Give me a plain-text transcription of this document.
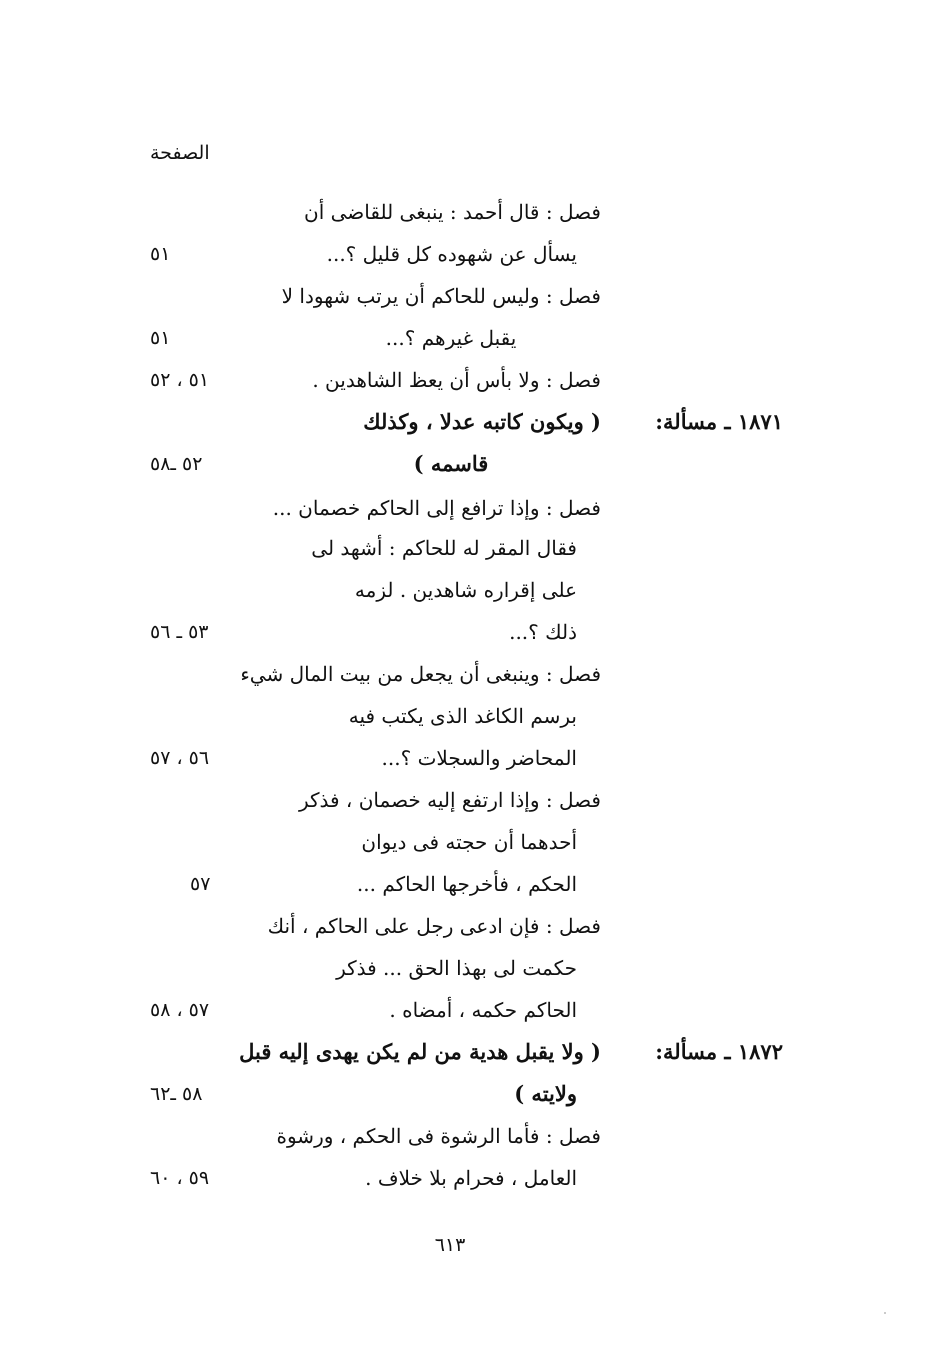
الصفحة
فصل : قال أحمد : ينبغى للقاضى أن
يسأل عن شهوده كل قليل ؟...
٥١
فصل : وليس للحاكم أن يرتب شهودا لا
يقبل غيرهم ؟...
٥١
فصل : ولا بأس أن يعظ الشاهدين .
٥١ ، ٥٢
١٨٧١ ـ مسألة:
( ويكون كاتبه عدلا ، وكذلك
قاسمه )
٥٢ ـ٥٨
فصل : وإذا ترافع إلى الحاكم خصمان ...
فقال المقر له للحاكم : أشهد لى
على إقراره شاهدين . لزمه
ذلك ؟...
٥٣ ـ ٥٦
فصل : وينبغى أن يجعل من بيت المال شيء
برسم الكاغد الذى يكتب فيه
المحاضر والسجلات ؟...
٥٦ ، ٥٧
فصل : وإذا ارتفع إليه خصمان ، فذكر
أحدهما أن حجته فى ديوان
الحكم ، فأخرجها الحاكم ...
٥٧
فصل : فإن ادعى رجل على الحاكم ، أنك
حكمت لى بهذا الحق ... فذكر
الحاكم حكمه ، أمضاه .
٥٧ ، ٥٨
١٨٧٢ ـ مسألة:
( ولا يقبل هدية من لم يكن يهدى إليه قبل
ولايته )
٥٨ ـ٦٢
فصل : فأما الرشوة فى الحكم ، ورشوة
العامل ، فحرام بلا خلاف .
٥٩ ، ٦٠
٦١٣
